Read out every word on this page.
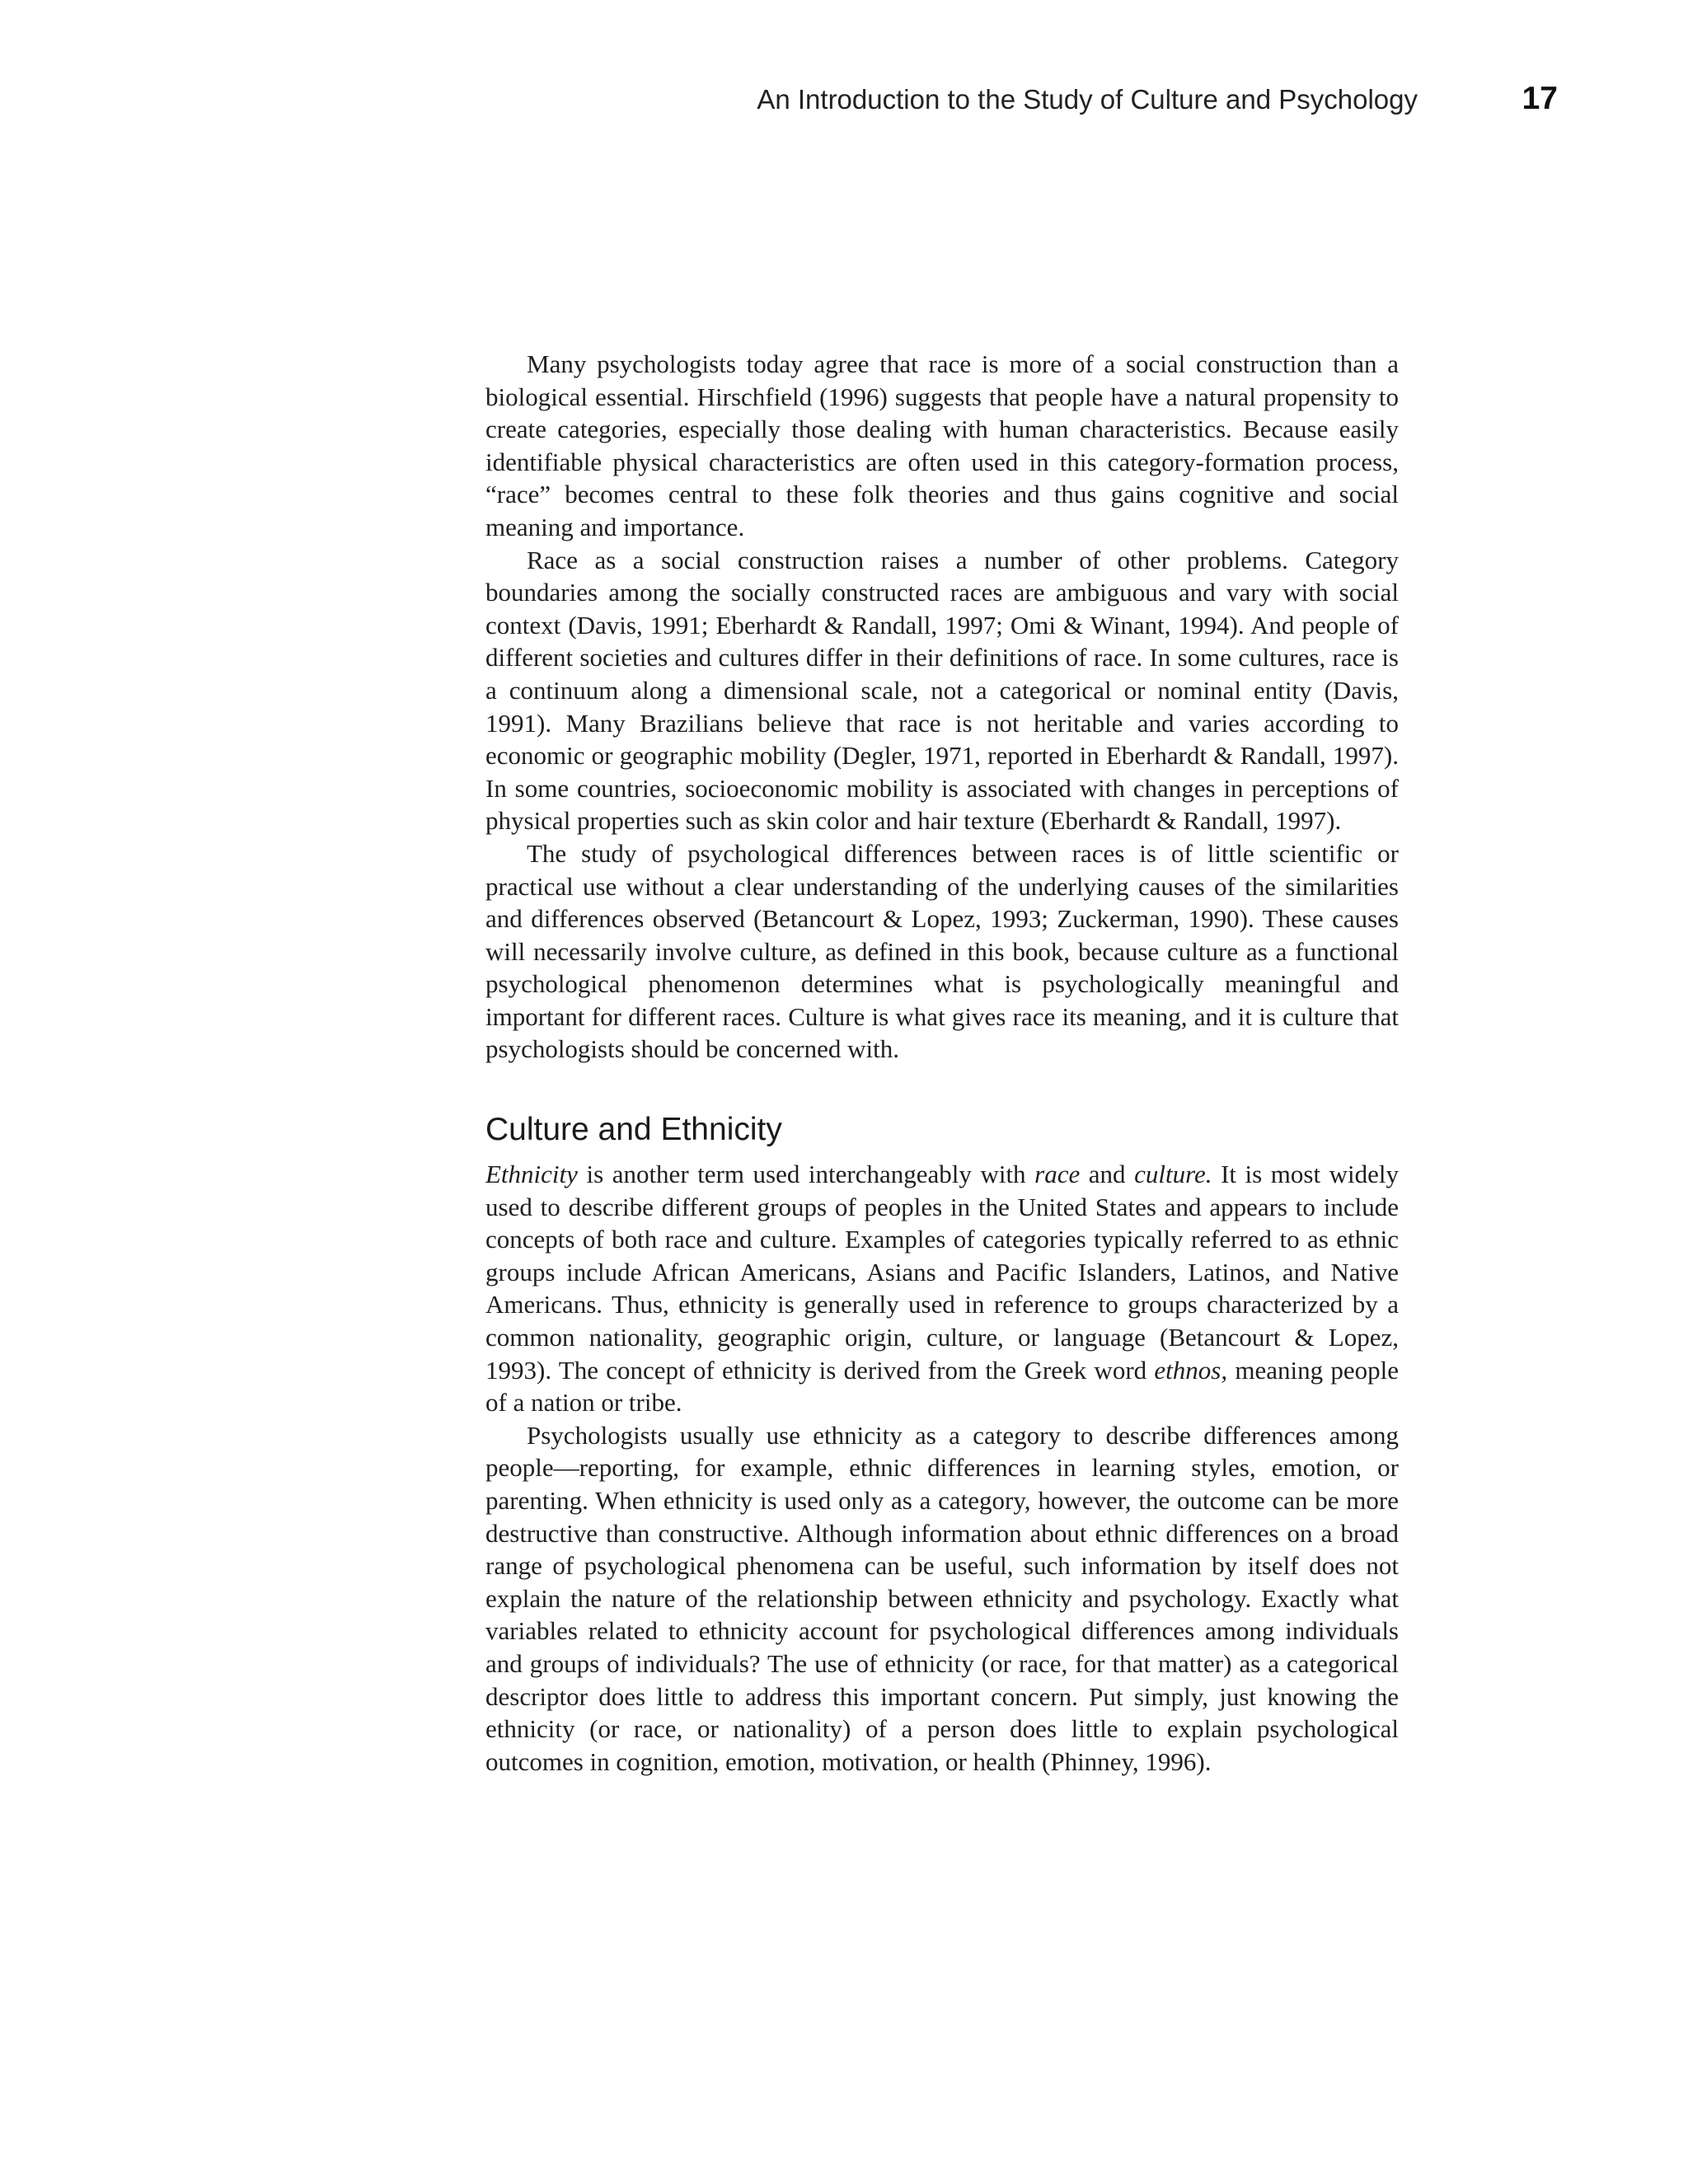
An Introduction to the Study of Culture and Psychology	17

Many psychologists today agree that race is more of a social construction than a biological essential. Hirschfield (1996) suggests that people have a natural propensity to create categories, especially those dealing with human characteristics. Because easily identifiable physical characteristics are often used in this category-formation process, “race” becomes central to these folk theories and thus gains cognitive and social meaning and importance.

Race as a social construction raises a number of other problems. Category boundaries among the socially constructed races are ambiguous and vary with social context (Davis, 1991; Eberhardt & Randall, 1997; Omi & Winant, 1994). And people of different societies and cultures differ in their definitions of race. In some cultures, race is a continuum along a dimensional scale, not a categorical or nominal entity (Davis, 1991). Many Brazilians believe that race is not heritable and varies according to economic or geographic mobility (Degler, 1971, reported in Eberhardt & Randall, 1997). In some countries, socioeconomic mobility is associated with changes in perceptions of physical properties such as skin color and hair texture (Eberhardt & Randall, 1997).

The study of psychological differences between races is of little scientific or practical use without a clear understanding of the underlying causes of the similarities and differences observed (Betancourt & Lopez, 1993; Zuckerman, 1990). These causes will necessarily involve culture, as defined in this book, because culture as a functional psychological phenomenon determines what is psychologically meaningful and important for different races. Culture is what gives race its meaning, and it is culture that psychologists should be concerned with.

Culture and Ethnicity

Ethnicity is another term used interchangeably with race and culture. It is most widely used to describe different groups of peoples in the United States and appears to include concepts of both race and culture. Examples of categories typically referred to as ethnic groups include African Americans, Asians and Pacific Islanders, Latinos, and Native Americans. Thus, ethnicity is generally used in reference to groups characterized by a common nationality, geographic origin, culture, or language (Betancourt & Lopez, 1993). The concept of ethnicity is derived from the Greek word ethnos, meaning people of a nation or tribe.

Psychologists usually use ethnicity as a category to describe differences among people—reporting, for example, ethnic differences in learning styles, emotion, or parenting. When ethnicity is used only as a category, however, the outcome can be more destructive than constructive. Although information about ethnic differences on a broad range of psychological phenomena can be useful, such information by itself does not explain the nature of the relationship between ethnicity and psychology. Exactly what variables related to ethnicity account for psychological differences among individuals and groups of individuals? The use of ethnicity (or race, for that matter) as a categorical descriptor does little to address this important concern. Put simply, just knowing the ethnicity (or race, or nationality) of a person does little to explain psychological outcomes in cognition, emotion, motivation, or health (Phinney, 1996).
